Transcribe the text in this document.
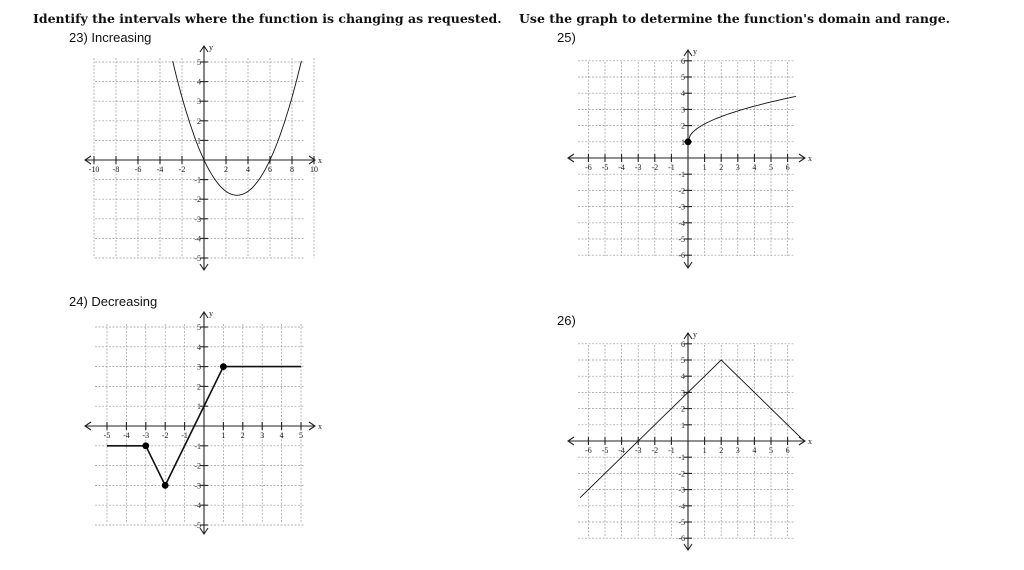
Identify the intervals where the function is changing as requested. Use the graph to determine the function's domain and range.
23) Increasing
24) Decreasing
25)
26)
-10 -8 -6 -4 -2	2 4 6 8 10
5
4
3
2
1
-1
-2
-3
-4
-5
x
y
-5 -4 -3 -2 -1	1 2 3 4 5
5
4
3
2
1
-1
-2
-3
-4
-5
x
y
-6 -5 -4 -3 -2 -1	1 2 3 4 5 6
6
5
4
3
2
1
-1
-2
-3
-4
-5
-6
x
y
-6 -5 -4 -3 -2 -1	1 2 3 4 5 6
6
5
4
3
2
1
-1
-2
-3
-4
-5
-6
x
y
